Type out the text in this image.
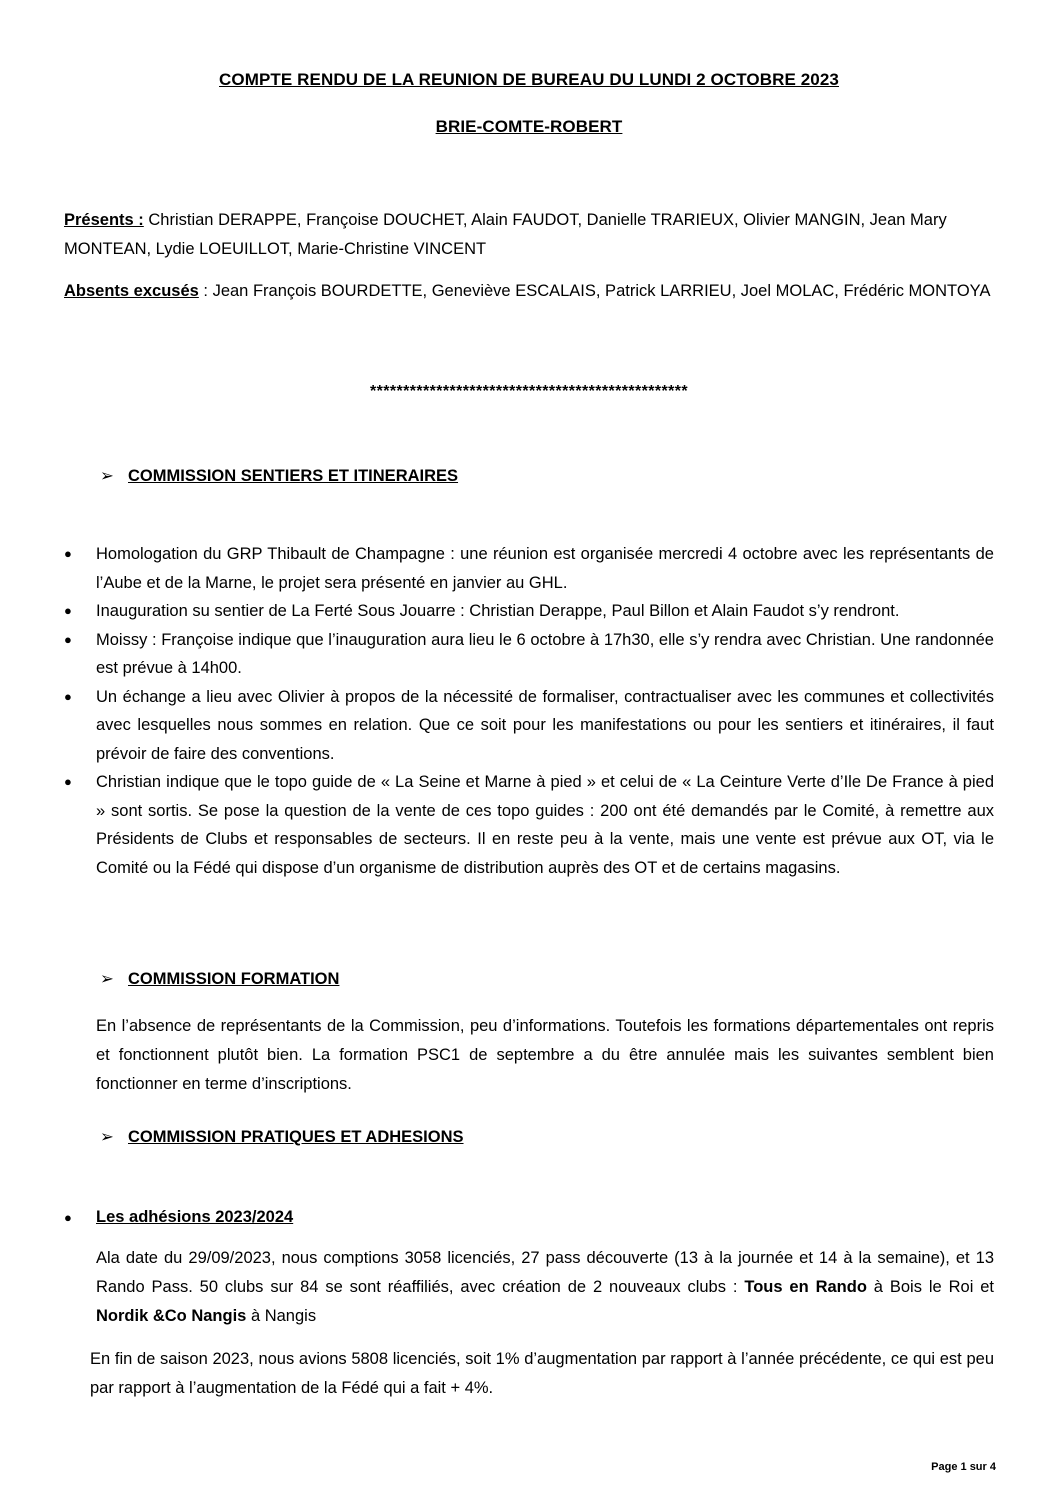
COMPTE RENDU DE LA REUNION DE BUREAU DU LUNDI 2 OCTOBRE 2023
BRIE-COMTE-ROBERT
Présents : Christian DERAPPE, Françoise DOUCHET, Alain FAUDOT, Danielle TRARIEUX, Olivier MANGIN, Jean Mary MONTEAN, Lydie LOEUILLOT, Marie-Christine VINCENT
Absents excusés : Jean François BOURDETTE, Geneviève ESCALAIS, Patrick LARRIEU, Joel MOLAC, Frédéric MONTOYA
************************************************
➢ COMMISSION SENTIERS ET ITINERAIRES
●	Homologation du GRP Thibault de Champagne : une réunion est organisée mercredi 4 octobre avec les représentants de l’Aube et de la Marne, le projet sera présenté en janvier au GHL.
●	Inauguration su sentier de La Ferté Sous Jouarre : Christian Derappe, Paul Billon et Alain Faudot s’y rendront.
●	Moissy : Françoise indique que l’inauguration aura lieu le 6 octobre à 17h30, elle s’y rendra avec Christian. Une randonnée est prévue à 14h00.
●	Un échange a lieu avec Olivier à propos de la nécessité de formaliser, contractualiser avec les communes et collectivités avec lesquelles nous sommes en relation. Que ce soit pour les manifestations ou pour les sentiers et itinéraires, il faut prévoir de faire des conventions.
●	Christian indique que le topo guide de « La Seine et Marne à pied » et celui de « La Ceinture Verte d’Ile De France à pied » sont sortis. Se pose la question de la vente de ces topo guides : 200 ont été demandés par le Comité, à remettre aux Présidents de Clubs et responsables de secteurs. Il en reste peu à la vente, mais une vente est prévue aux OT, via le Comité ou la Fédé qui dispose d’un organisme de distribution auprès des OT et de certains magasins.
➢ COMMISSION FORMATION
En l’absence de représentants de la Commission, peu d’informations. Toutefois les formations départementales ont repris et fonctionnent plutôt bien. La formation PSC1 de septembre a du être annulée mais les suivantes semblent bien fonctionner en terme d’inscriptions.
➢ COMMISSION PRATIQUES ET ADHESIONS
● Les adhésions 2023/2024
Ala date du 29/09/2023, nous comptions 3058 licenciés, 27 pass découverte (13 à la journée et 14 à la semaine), et 13 Rando Pass. 50 clubs sur 84 se sont réaffiliés, avec création de 2 nouveaux clubs : Tous en Rando à Bois le Roi et Nordik &Co Nangis à Nangis
En fin de saison 2023, nous avions 5808 licenciés, soit 1% d’augmentation par rapport à l’année précédente, ce qui est peu par rapport à l’augmentation de la Fédé qui a fait + 4%.
Page 1 sur 4
